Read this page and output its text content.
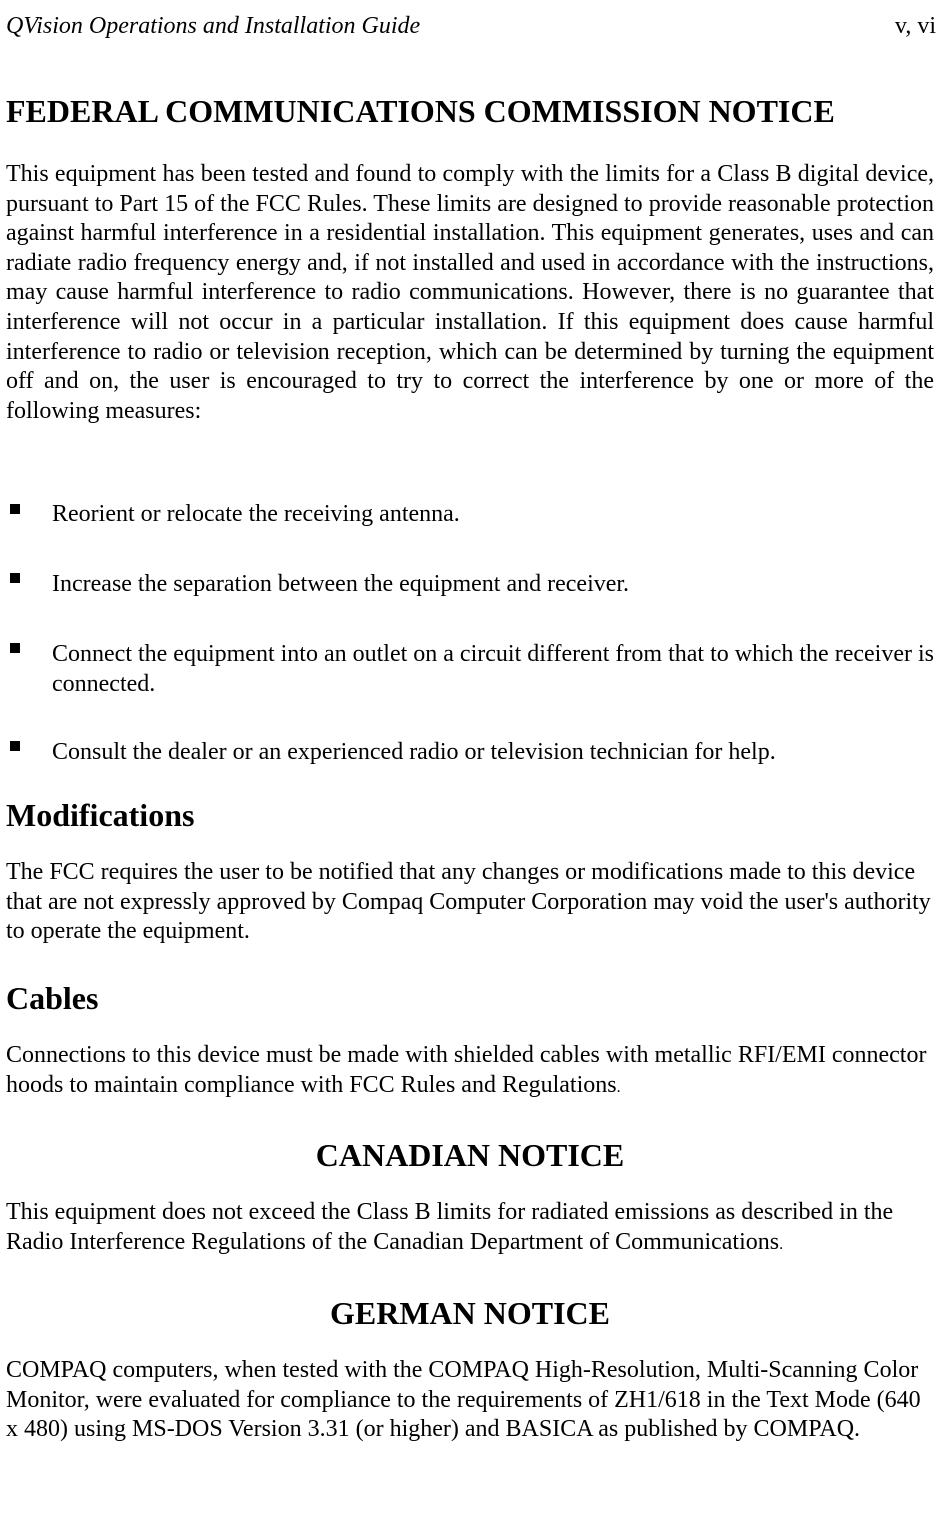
QVision Operations and Installation Guide	v, vi
FEDERAL COMMUNICATIONS COMMISSION NOTICE

This equipment has been tested and found to comply with the limits for a Class B digital device, pursuant to Part 15 of the FCC Rules. These limits are designed to provide reasonable protection against harmful interference in a residential installation. This equipment generates, uses and can radiate radio frequency energy and, if not installed and used in accordance with the instructions, may cause harmful interference to radio communications. However, there is no guarantee that interference will not occur in a particular installation. If this equipment does cause harmful interference to radio or television reception, which can be determined by turning the equipment off and on, the user is encouraged to try to correct the interference by one or more of the following measures:

Reorient or relocate the receiving antenna.
Increase the separation between the equipment and receiver.
Connect the equipment into an outlet on a circuit different from that to which the receiver is connected.
Consult the dealer or an experienced radio or television technician for help.
Modifications

The FCC requires the user to be notified that any changes or modifications made to this device that are not expressly approved by Compaq Computer Corporation may void the user's authority to operate the equipment.

Cables

Connections to this device must be made with shielded cables with metallic RFI/EMI connector hoods to maintain compliance with FCC Rules and Regulations.

CANADIAN NOTICE

This equipment does not exceed the Class B limits for radiated emissions as described in the Radio Interference Regulations of the Canadian Department of Communications.

GERMAN NOTICE

COMPAQ computers, when tested with the COMPAQ High-Resolution, Multi-Scanning Color Monitor, were evaluated for compliance to the requirements of ZH1/618 in the Text Mode (640 x 480) using MS-DOS Version 3.31 (or higher) and BASICA as published by COMPAQ.
